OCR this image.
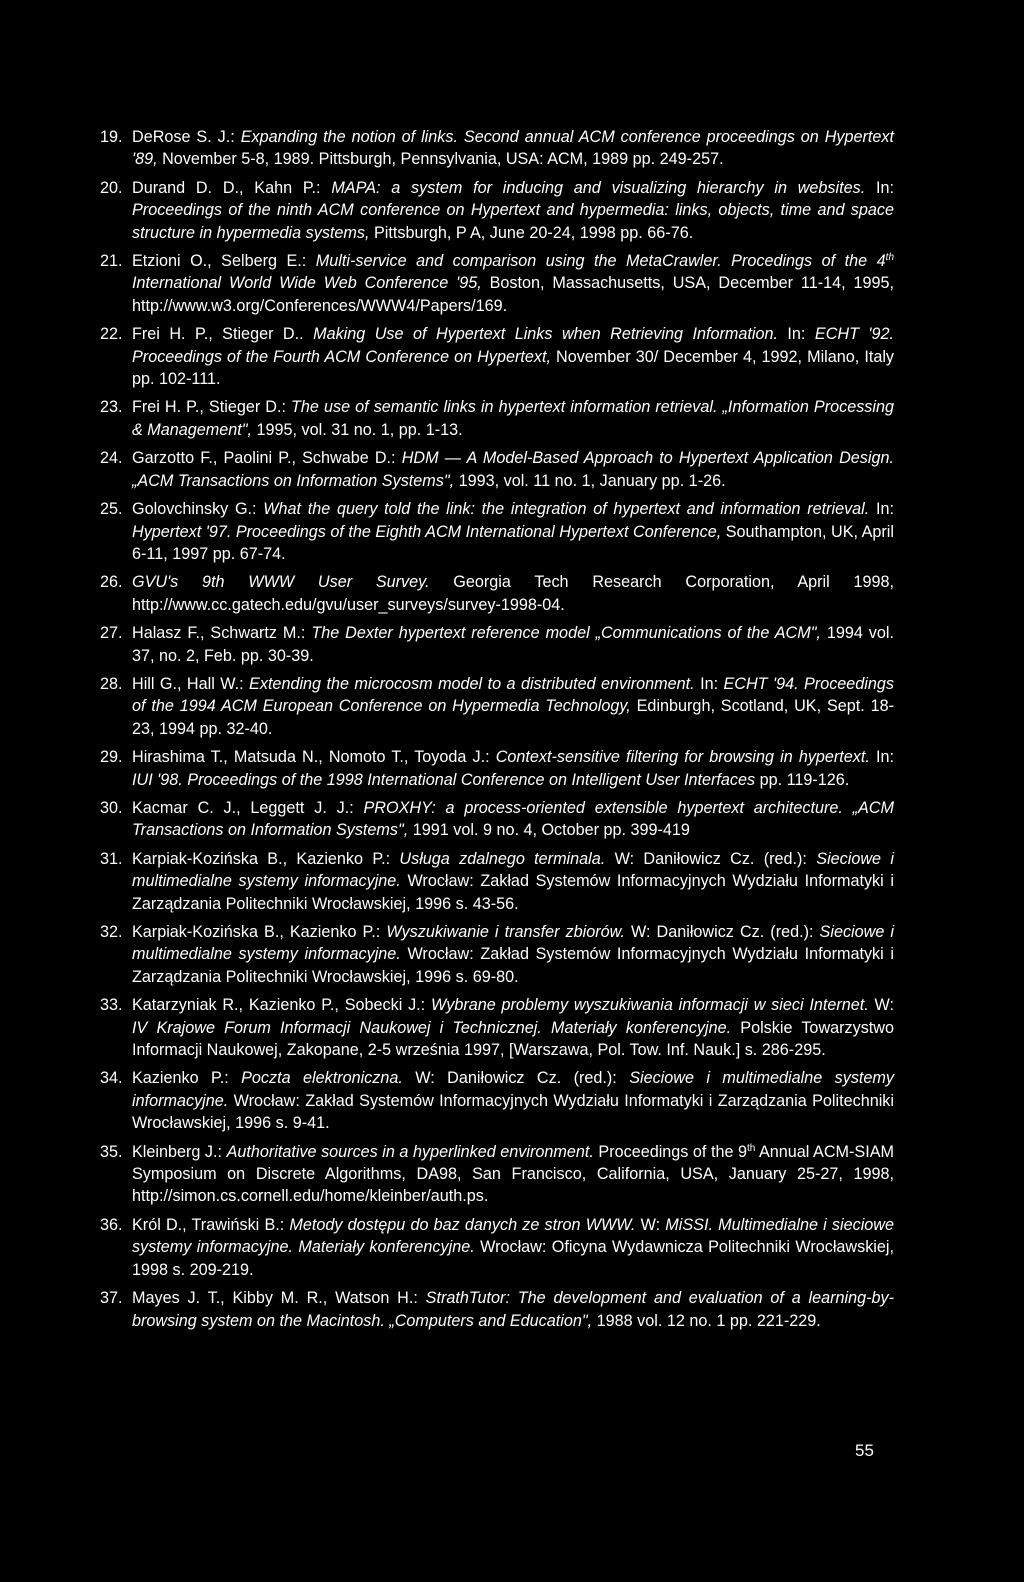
19. DeRose S. J.: Expanding the notion of links. Second annual ACM conference proceedings on Hypertext '89, November 5-8, 1989. Pittsburgh, Pennsylvania, USA: ACM, 1989 pp. 249-257.
20. Durand D. D., Kahn P.: MAPA: a system for inducing and visualizing hierarchy in websites. In: Proceedings of the ninth ACM conference on Hypertext and hypermedia: links, objects, time and space structure in hypermedia systems, Pittsburgh, P A, June 20-24, 1998 pp. 66-76.
21. Etzioni O., Selberg E.: Multi-service and comparison using the MetaCrawler. Procedings of the 4th International World Wide Web Conference '95, Boston, Massachusetts, USA, December 11-14, 1995, http://www.w3.org/Conferences/WWW4/Papers/169.
22. Frei H. P., Stieger D.. Making Use of Hypertext Links when Retrieving Information. In: ECHT '92. Proceedings of the Fourth ACM Conference on Hypertext, November 30/ December 4, 1992, Milano, Italy pp. 102-111.
23. Frei H. P., Stieger D.: The use of semantic links in hypertext information retrieval. „Information Processing & Management", 1995, vol. 31 no. 1, pp. 1-13.
24. Garzotto F., Paolini P., Schwabe D.: HDM — A Model-Based Approach to Hypertext Application Design. „ACM Transactions on Information Systems", 1993, vol. 11 no. 1, January pp. 1-26.
25. Golovchinsky G.: What the query told the link: the integration of hypertext and information retrieval. In: Hypertext '97. Proceedings of the Eighth ACM International Hypertext Conference, Southampton, UK, April 6-11, 1997 pp. 67-74.
26. GVU's 9th WWW User Survey. Georgia Tech Research Corporation, April 1998, http://www.cc.gatech.edu/gvu/user_surveys/survey-1998-04.
27. Halasz F., Schwartz M.: The Dexter hypertext reference model „Communications of the ACM", 1994 vol. 37, no. 2, Feb. pp. 30-39.
28. Hill G., Hall W.: Extending the microcosm model to a distributed environment. In: ECHT '94. Proceedings of the 1994 ACM European Conference on Hypermedia Technology, Edinburgh, Scotland, UK, Sept. 18-23, 1994 pp. 32-40.
29. Hirashima T., Matsuda N., Nomoto T., Toyoda J.: Context-sensitive filtering for browsing in hypertext. In: IUI '98. Proceedings of the 1998 International Conference on Intelligent User Interfaces pp. 119-126.
30. Kacmar C. J., Leggett J. J.: PROXHY: a process-oriented extensible hypertext architecture. „ACM Transactions on Information Systems", 1991 vol. 9 no. 4, October pp. 399-419
31. Karpiak-Kozińska B., Kazienko P.: Usługa zdalnego terminala. W: Daniłowicz Cz. (red.): Sieciowe i multimedialne systemy informacyjne. Wrocław: Zakład Systemów Informacyjnych Wydziału Informatyki i Zarządzania Politechniki Wrocławskiej, 1996 s. 43-56.
32. Karpiak-Kozińska B., Kazienko P.: Wyszukiwanie i transfer zbiorów. W: Daniłowicz Cz. (red.): Sieciowe i multimedialne systemy informacyjne. Wrocław: Zakład Systemów Informacyjnych Wydziału Informatyki i Zarządzania Politechniki Wrocławskiej, 1996 s. 69-80.
33. Katarzyniak R., Kazienko P., Sobecki J.: Wybrane problemy wyszukiwania informacji w sieci Internet. W: IV Krajowe Forum Informacji Naukowej i Technicznej. Materiały konferencyjne. Polskie Towarzystwo Informacji Naukowej, Zakopane, 2-5 września 1997, [Warszawa, Pol. Tow. Inf. Nauk.] s. 286-295.
34. Kazienko P.: Poczta elektroniczna. W: Daniłowicz Cz. (red.): Sieciowe i multimedialne systemy informacyjne. Wrocław: Zakład Systemów Informacyjnych Wydziału Informatyki i Zarządzania Politechniki Wrocławskiej, 1996 s. 9-41.
35. Kleinberg J.: Authoritative sources in a hyperlinked environment. Proceedings of the 9th Annual ACM-SIAM Symposium on Discrete Algorithms, DA98, San Francisco, California, USA, January 25-27, 1998, http://simon.cs.cornell.edu/home/kleinber/auth.ps.
36. Król D., Trawiński B.: Metody dostępu do baz danych ze stron WWW. W: MiSSI. Multimedialne i sieciowe systemy informacyjne. Materiały konferencyjne. Wrocław: Oficyna Wydawnicza Politechniki Wrocławskiej, 1998 s. 209-219.
37. Mayes J. T., Kibby M. R., Watson H.: StrathTutor: The development and evaluation of a learning-by-browsing system on the Macintosh. „Computers and Education", 1988 vol. 12 no. 1 pp. 221-229.
55
